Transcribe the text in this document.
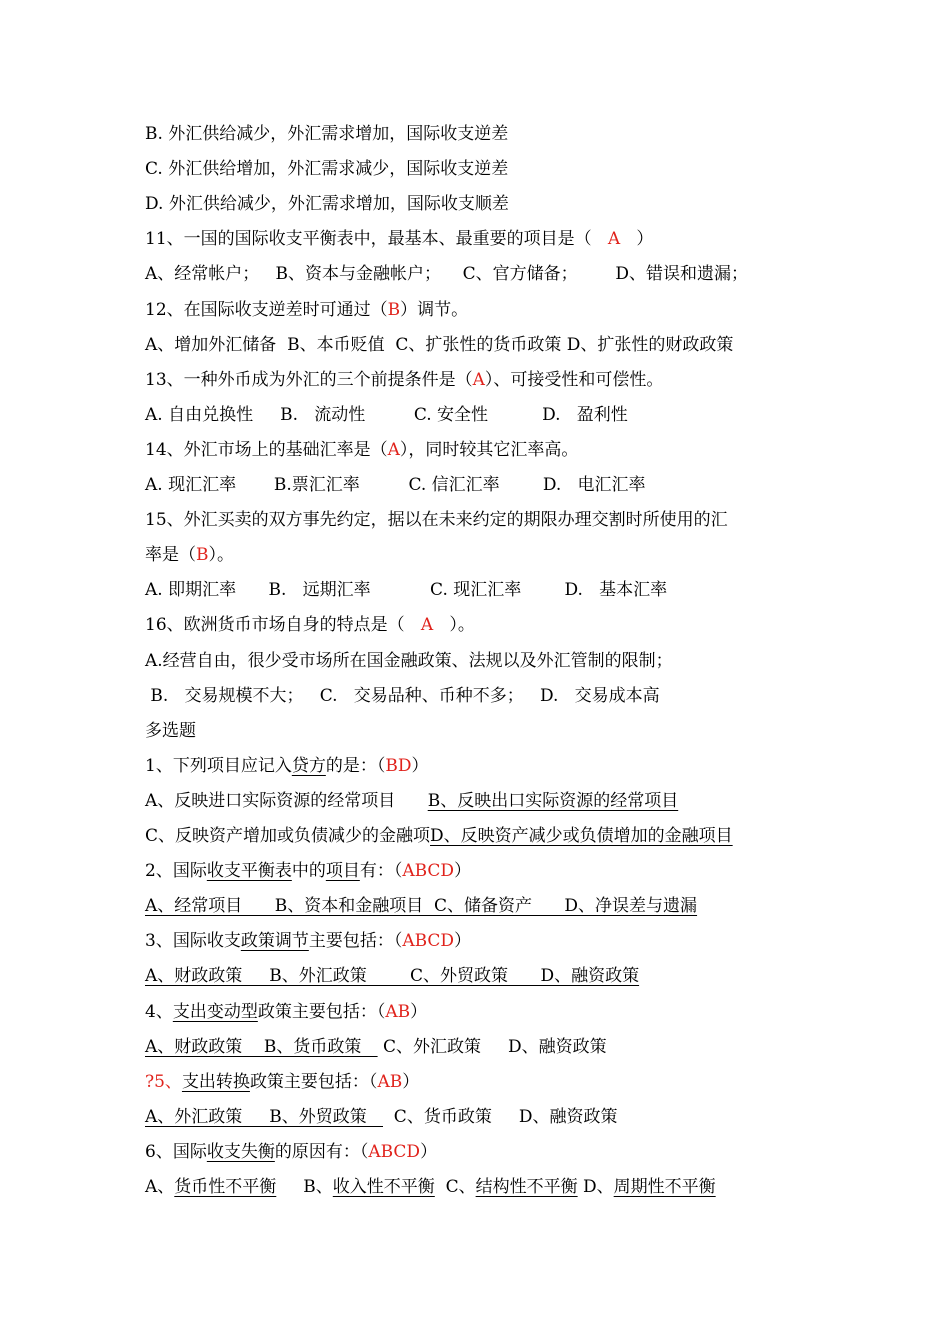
B. 外汇供给减少，外汇需求增加，国际收支逆差
C. 外汇供给增加，外汇需求减少，国际收支逆差
D. 外汇供给减少，外汇需求增加，国际收支顺差
11、一国的国际收支平衡表中，最基本、最重要的项目是（   A   ）
A、经常帐户；   B、资本与金融帐户；    C、官方储备；       D、错误和遗漏；
12、在国际收支逆差时可通过（B）调节。
A、增加外汇储备  B、本币贬值  C、扩张性的货币政策 D、扩张性的财政政策
13、一种外币成为外汇的三个前提条件是（A）、可接受性和可偿性。
A. 自由兑换性     B.   流动性         C. 安全性          D.   盈利性
14、外汇市场上的基础汇率是（A），同时较其它汇率高。
A. 现汇汇率       B.票汇汇率         C. 信汇汇率        D.   电汇汇率
15、外汇买卖的双方事先约定，据以在未来约定的期限办理交割时所使用的汇
率是（B）。
A. 即期汇率      B.   远期汇率           C. 现汇汇率        D.   基本汇率
16、欧洲货币市场自身的特点是（   A   ）。
A.经营自由，很少受市场所在国金融政策、法规以及外汇管制的限制；
B.   交易规模不大；   C.   交易品种、币种不多；   D.   交易成本高
多选题
1、下列项目应记入贷方的是：（BD）
A、反映进口实际资源的经常项目      B、反映出口实际资源的经常项目
C、反映资产增加或负债减少的金融项D、反映资产减少或负债增加的金融项目
2、国际收支平衡表中的项目有：（ABCD）
A、经常项目      B、资本和金融项目  C、储备资产      D、净误差与遗漏
3、国际收支政策调节主要包括：（ABCD）
A、财政政策     B、外汇政策        C、外贸政策      D、融资政策
4、支出变动型政策主要包括：（AB）
A、财政政策    B、货币政策    C、外汇政策     D、融资政策
?5、支出转换政策主要包括：（AB）
A、外汇政策     B、外贸政策     C、货币政策     D、融资政策
6、国际收支失衡的原因有：（ABCD）
A、货币性不平衡     B、收入性不平衡  C、结构性不平衡 D、周期性不平衡
